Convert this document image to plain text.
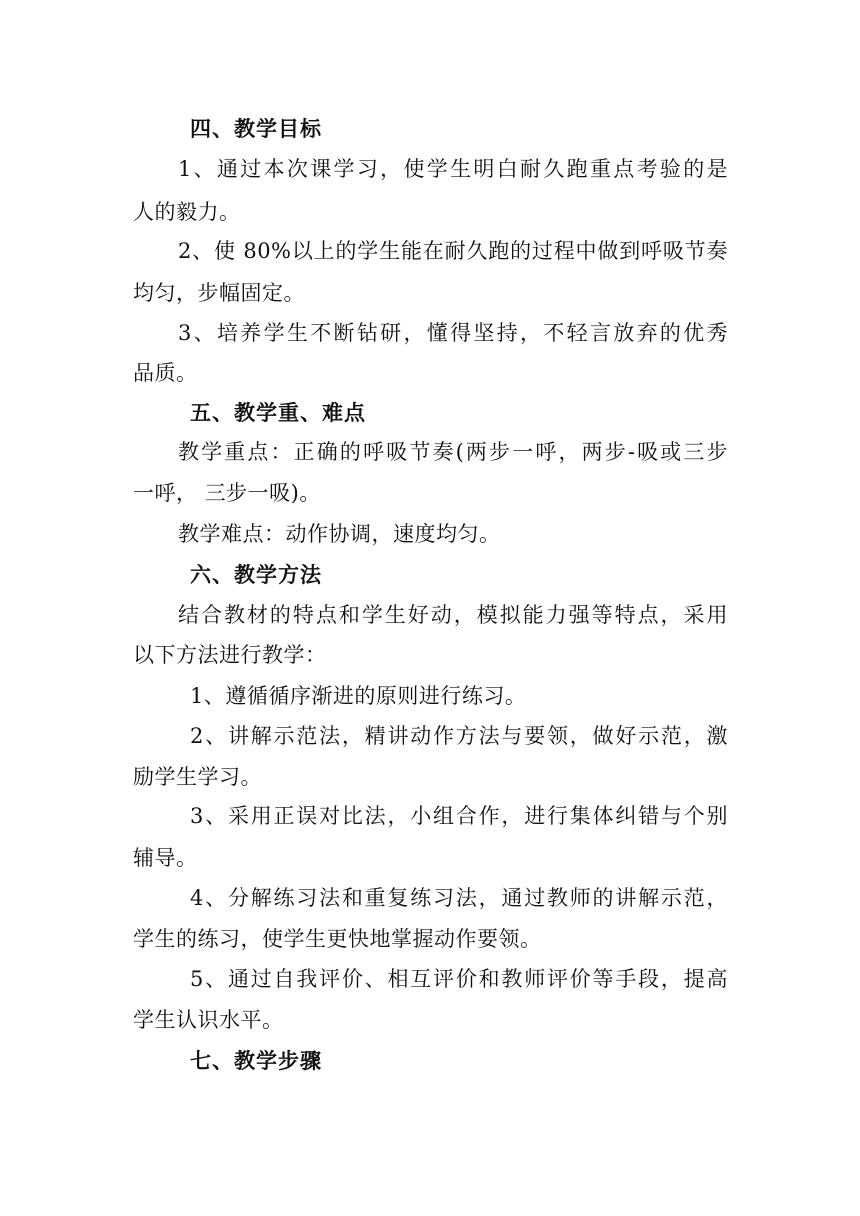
四、教学目标
1、通过本次课学习，使学生明白耐久跑重点考验的是
人的毅力。
2、使 80%以上的学生能在耐久跑的过程中做到呼吸节奏
均匀，步幅固定。
3、培养学生不断钻研，懂得坚持，不轻言放弃的优秀
品质。
五、教学重、难点
教学重点：正确的呼吸节奏(两步一呼，两步-吸或三步
一呼， 三步一吸)。
教学难点：动作协调，速度均匀。
六、教学方法
结合教材的特点和学生好动，模拟能力强等特点，采用
以下方法进行教学：
1、遵循循序渐进的原则进行练习。
2、讲解示范法，精讲动作方法与要领，做好示范，激
励学生学习。
3、采用正误对比法，小组合作，进行集体纠错与个别
辅导。
4、分解练习法和重复练习法，通过教师的讲解示范，
学生的练习，使学生更快地掌握动作要领。
5、通过自我评价、相互评价和教师评价等手段，提高
学生认识水平。
七、教学步骤
